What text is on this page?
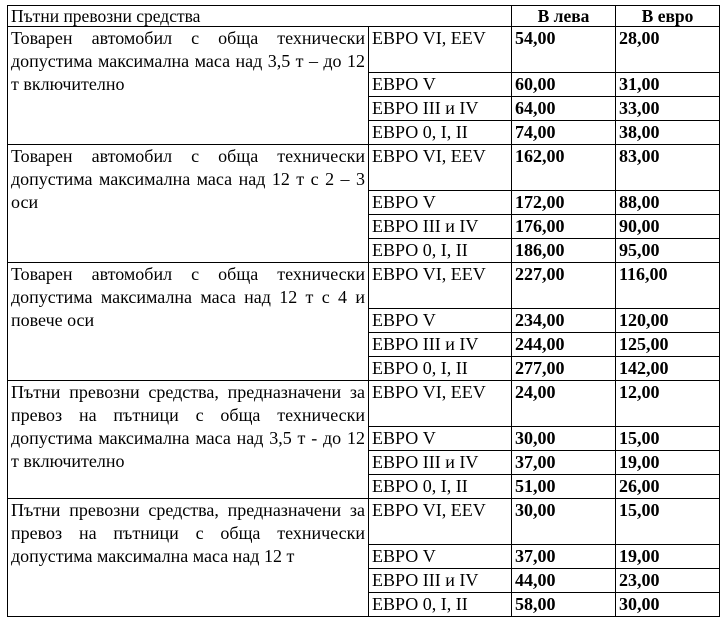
Пътни превозни средства		В лева	В евро
Товарен автомобил с обща технически допустима максимална маса над 3,5 т – до 12 т включително	ЕВРО VI, EEV	54,00	28,00
	ЕВРО V	60,00	31,00
	ЕВРО III и IV	64,00	33,00
	ЕВРО 0, I, II	74,00	38,00
Товарен автомобил с обща технически допустима максимална маса над 12 т с 2 – 3 оси	ЕВРО VI, EEV	162,00	83,00
	ЕВРО V	172,00	88,00
	ЕВРО III и IV	176,00	90,00
	ЕВРО 0, I, II	186,00	95,00
Товарен автомобил с обща технически допустима максимална маса над 12 т с 4 и повече оси	ЕВРО VI, EEV	227,00	116,00
	ЕВРО V	234,00	120,00
	ЕВРО III и IV	244,00	125,00
	ЕВРО 0, I, II	277,00	142,00
Пътни превозни средства, предназначени за превоз на пътници с обща технически допустима максимална маса над 3,5 т - до 12 т включително	ЕВРО VI, EEV	24,00	12,00
	ЕВРО V	30,00	15,00
	ЕВРО III и IV	37,00	19,00
	ЕВРО 0, I, II	51,00	26,00
Пътни превозни средства, предназначени за превоз на пътници с обща технически допустима максимална маса над 12 т	ЕВРО VI, EEV	30,00	15,00
	ЕВРО V	37,00	19,00
	ЕВРО III и IV	44,00	23,00
	ЕВРО 0, I, II	58,00	30,00
